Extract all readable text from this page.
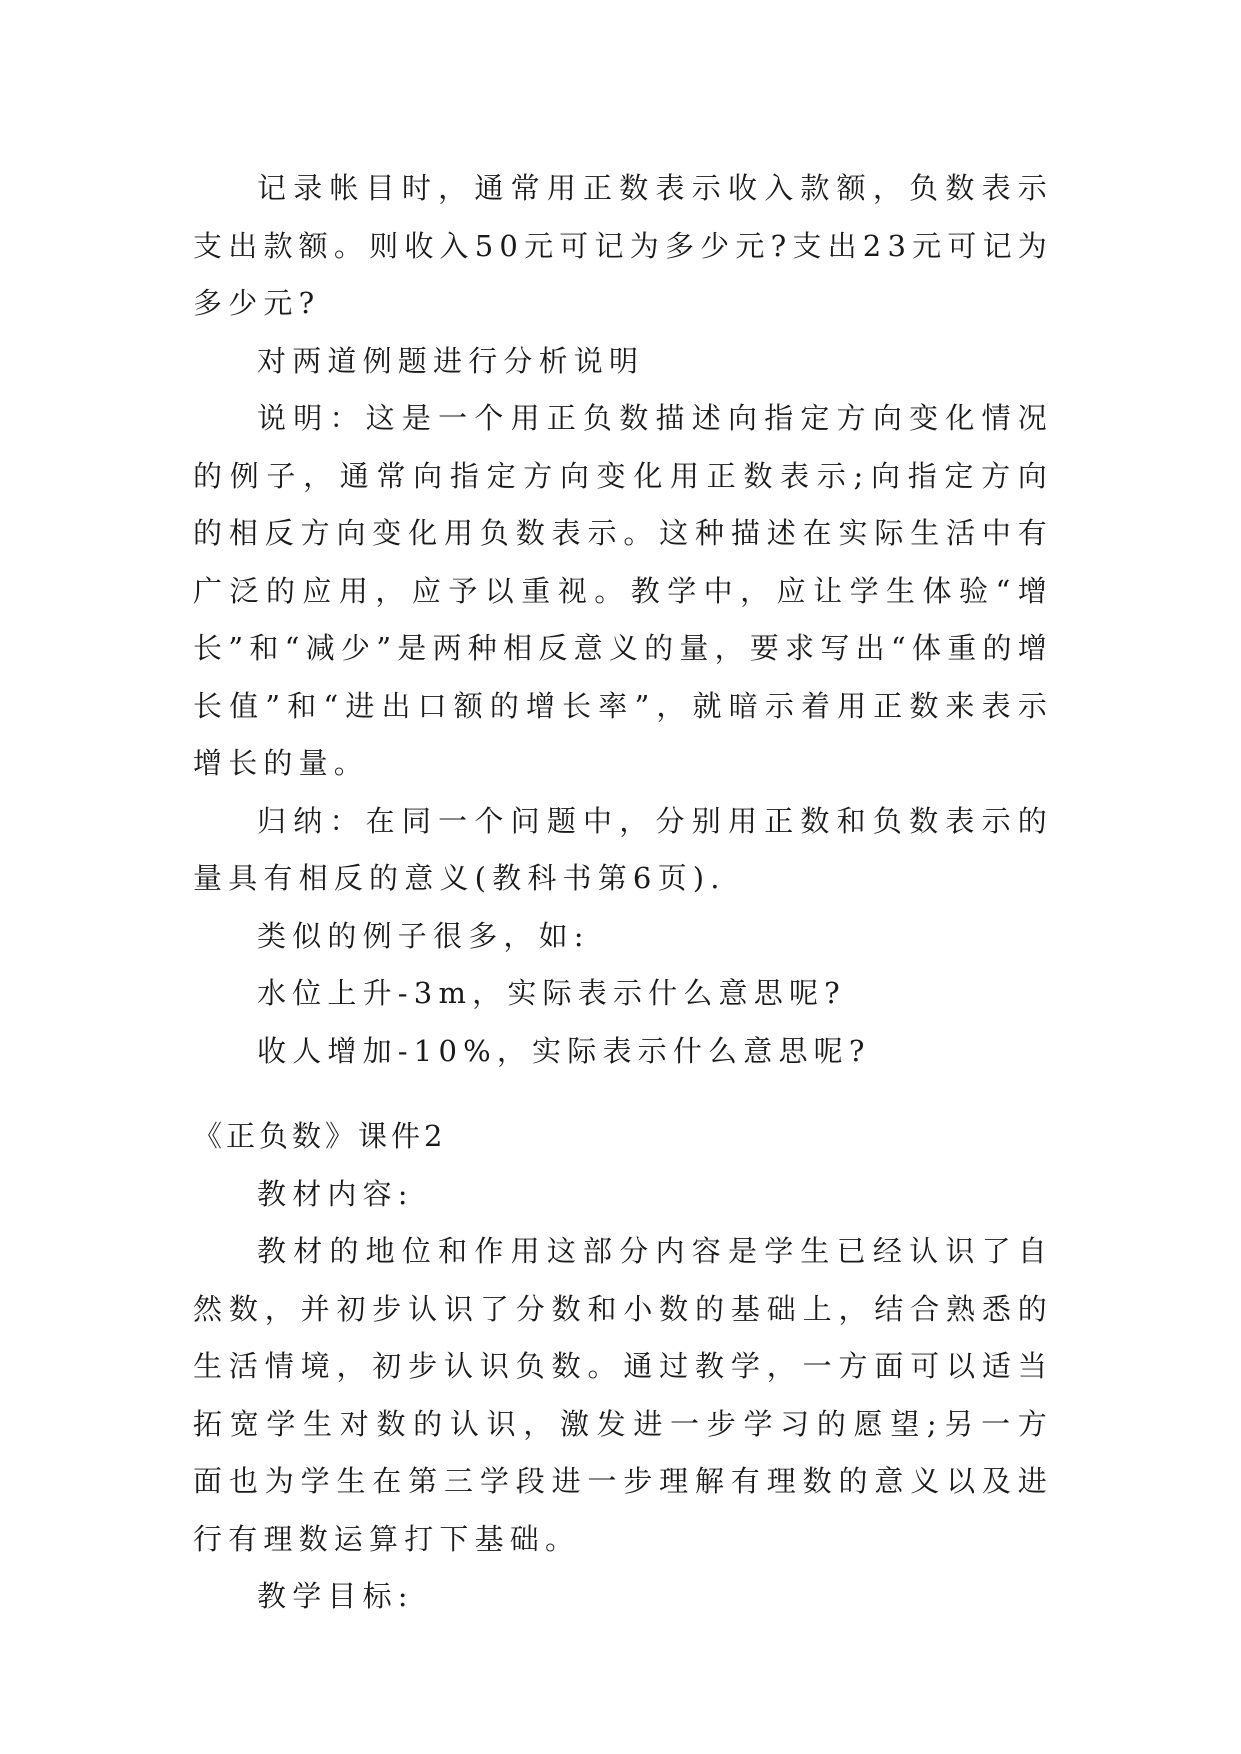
记录帐目时，通常用正数表示收入款额，负数表示支出款额。则收入50元可记为多少元?支出23元可记为多少元?

对两道例题进行分析说明

说明：这是一个用正负数描述向指定方向变化情况的例子，通常向指定方向变化用正数表示;向指定方向的相反方向变化用负数表示。这种描述在实际生活中有广泛的应用，应予以重视。教学中，应让学生体验“增长”和“减少”是两种相反意义的量，要求写出“体重的增长值”和“进出口额的增长率”，就暗示着用正数来表示增长的量。

归纳：在同一个问题中，分别用正数和负数表示的量具有相反的意义(教科书第6页).

类似的例子很多，如:

水位上升-3m，实际表示什么意思呢?

收人增加-10%，实际表示什么意思呢?

《正负数》课件2

教材内容:

教材的地位和作用这部分内容是学生已经认识了自然数，并初步认识了分数和小数的基础上，结合熟悉的生活情境，初步认识负数。通过教学，一方面可以适当拓宽学生对数的认识，激发进一步学习的愿望;另一方面也为学生在第三学段进一步理解有理数的意义以及进行有理数运算打下基础。

教学目标:
